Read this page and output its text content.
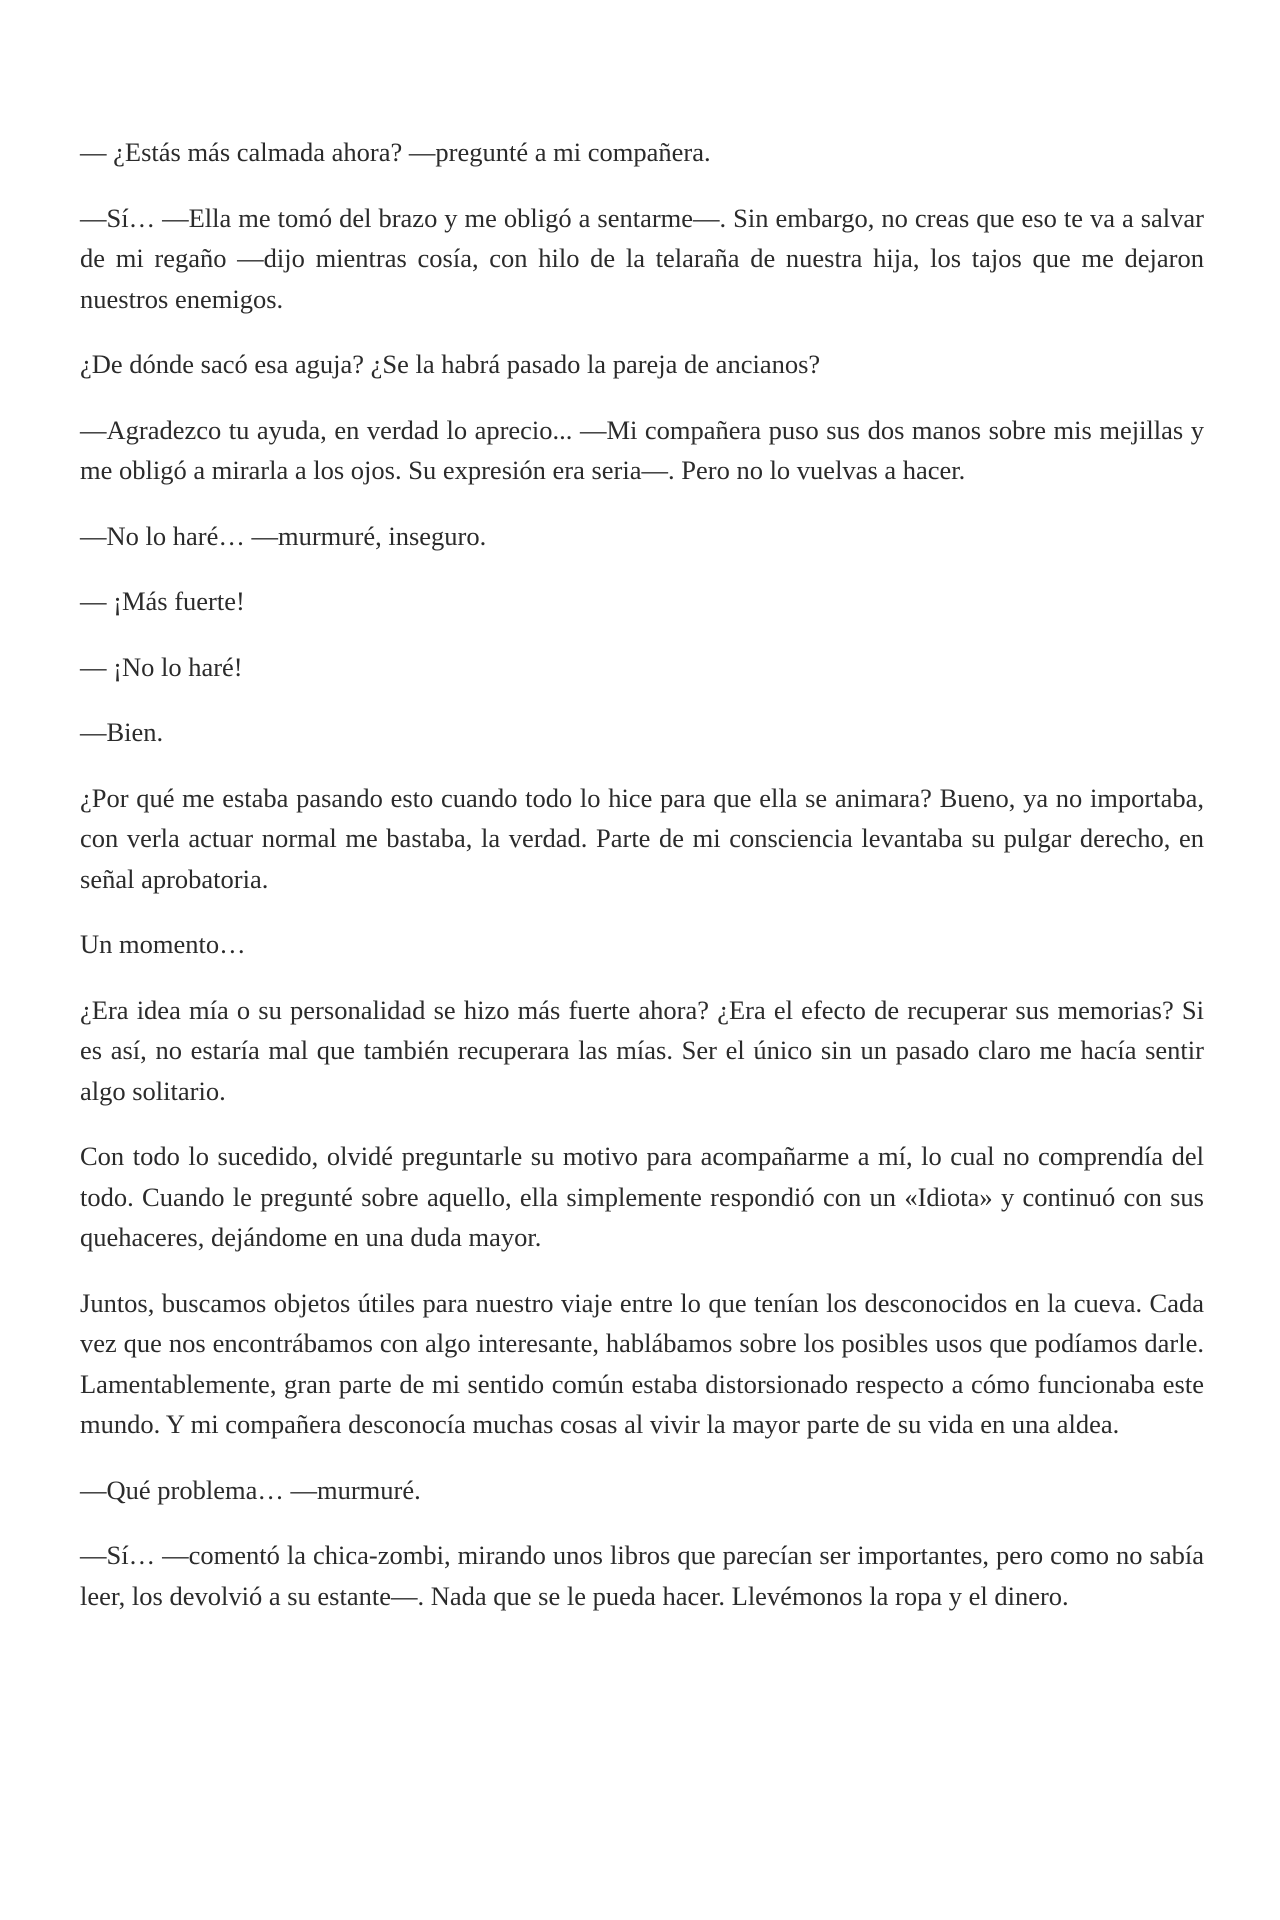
— ¿Estás más calmada ahora? —pregunté a mi compañera.

—Sí… —Ella me tomó del brazo y me obligó a sentarme—. Sin embargo, no creas que eso te va a salvar de mi regaño —dijo mientras cosía, con hilo de la telaraña de nuestra hija, los tajos que me dejaron nuestros enemigos.

¿De dónde sacó esa aguja? ¿Se la habrá pasado la pareja de ancianos?

—Agradezco tu ayuda, en verdad lo aprecio... —Mi compañera puso sus dos manos sobre mis mejillas y me obligó a mirarla a los ojos. Su expresión era seria—. Pero no lo vuelvas a hacer.

—No lo haré… —murmuré, inseguro.

— ¡Más fuerte!

— ¡No lo haré!

—Bien.

¿Por qué me estaba pasando esto cuando todo lo hice para que ella se animara? Bueno, ya no importaba, con verla actuar normal me bastaba, la verdad. Parte de mi consciencia levantaba su pulgar derecho, en señal aprobatoria.

Un momento…

¿Era idea mía o su personalidad se hizo más fuerte ahora? ¿Era el efecto de recuperar sus memorias? Si es así, no estaría mal que también recuperara las mías. Ser el único sin un pasado claro me hacía sentir algo solitario.

Con todo lo sucedido, olvidé preguntarle su motivo para acompañarme a mí, lo cual no comprendía del todo. Cuando le pregunté sobre aquello, ella simplemente respondió con un «Idiota» y continuó con sus quehaceres, dejándome en una duda mayor.

Juntos, buscamos objetos útiles para nuestro viaje entre lo que tenían los desconocidos en la cueva. Cada vez que nos encontrábamos con algo interesante, hablábamos sobre los posibles usos que podíamos darle. Lamentablemente, gran parte de mi sentido común estaba distorsionado respecto a cómo funcionaba este mundo. Y mi compañera desconocía muchas cosas al vivir la mayor parte de su vida en una aldea.

—Qué problema… —murmuré.

—Sí… —comentó la chica-zombi, mirando unos libros que parecían ser importantes, pero como no sabía leer, los devolvió a su estante—. Nada que se le pueda hacer. Llevémonos la ropa y el dinero.
